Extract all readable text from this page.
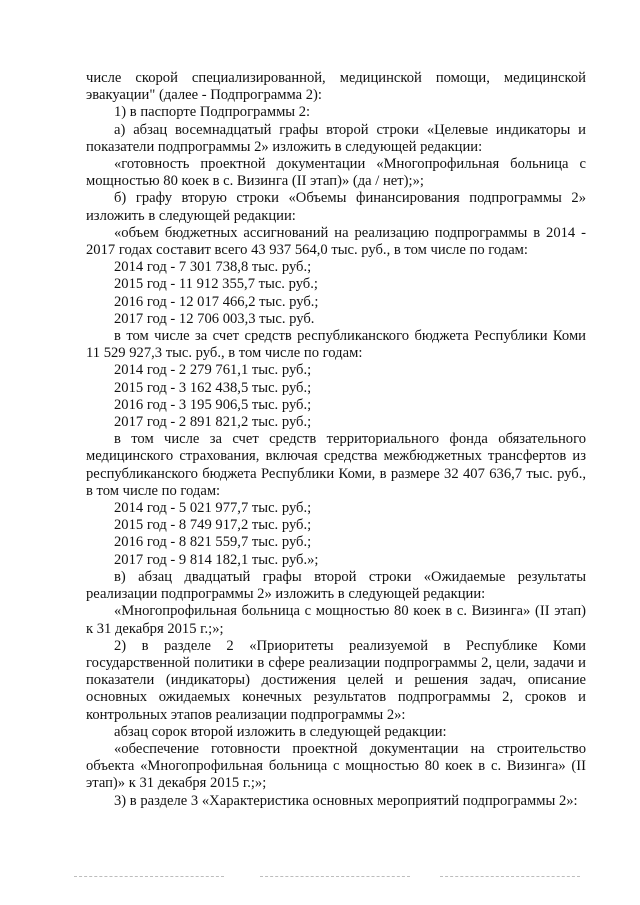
числе скорой специализированной, медицинской помощи, медицинской эвакуации" (далее - Подпрограмма 2):

1) в паспорте Подпрограммы 2:

а) абзац восемнадцатый графы второй строки «Целевые индикаторы и показатели подпрограммы 2» изложить в следующей редакции:

«готовность проектной документации «Многопрофильная больница с мощностью 80 коек в с. Визинга (II этап)» (да / нет);»;

б) графу вторую строки «Объемы финансирования подпрограммы 2» изложить в следующей редакции:

«объем бюджетных ассигнований на реализацию подпрограммы в 2014 - 2017 годах составит всего 43 937 564,0 тыс. руб., в том числе по годам:

2014 год - 7 301 738,8 тыс. руб.;

2015 год - 11 912 355,7 тыс. руб.;

2016 год - 12 017 466,2 тыс. руб.;

2017 год - 12 706 003,3 тыс. руб.

в том числе за счет средств республиканского бюджета Республики Коми 11 529 927,3 тыс. руб., в том числе по годам:

2014 год - 2 279 761,1 тыс. руб.;

2015 год - 3 162 438,5 тыс. руб.;

2016 год - 3 195 906,5 тыс. руб.;

2017 год - 2 891 821,2 тыс. руб.;

в том числе за счет средств территориального фонда обязательного медицинского страхования, включая средства межбюджетных трансфертов из республиканского бюджета Республики Коми, в размере 32 407 636,7 тыс. руб., в том числе по годам:

2014 год - 5 021 977,7 тыс. руб.;

2015 год - 8 749 917,2 тыс. руб.;

2016 год - 8 821 559,7 тыс. руб.;

2017 год - 9 814 182,1 тыс. руб.»;

в) абзац двадцатый графы второй строки «Ожидаемые результаты реализации подпрограммы 2» изложить в следующей редакции:

«Многопрофильная больница с мощностью 80 коек в с. Визинга» (II этап) к 31 декабря 2015 г.;»;

2) в разделе 2 «Приоритеты реализуемой в Республике Коми государственной политики в сфере реализации подпрограммы 2, цели, задачи и показатели (индикаторы) достижения целей и решения задач, описание основных ожидаемых конечных результатов подпрограммы 2, сроков и контрольных этапов реализации подпрограммы 2»:

абзац сорок второй изложить в следующей редакции:

«обеспечение готовности проектной документации на строительство объекта «Многопрофильная больница с мощностью 80 коек в с. Визинга» (II этап)» к 31 декабря 2015 г.;»;

3) в разделе 3 «Характеристика основных мероприятий подпрограммы 2»:
